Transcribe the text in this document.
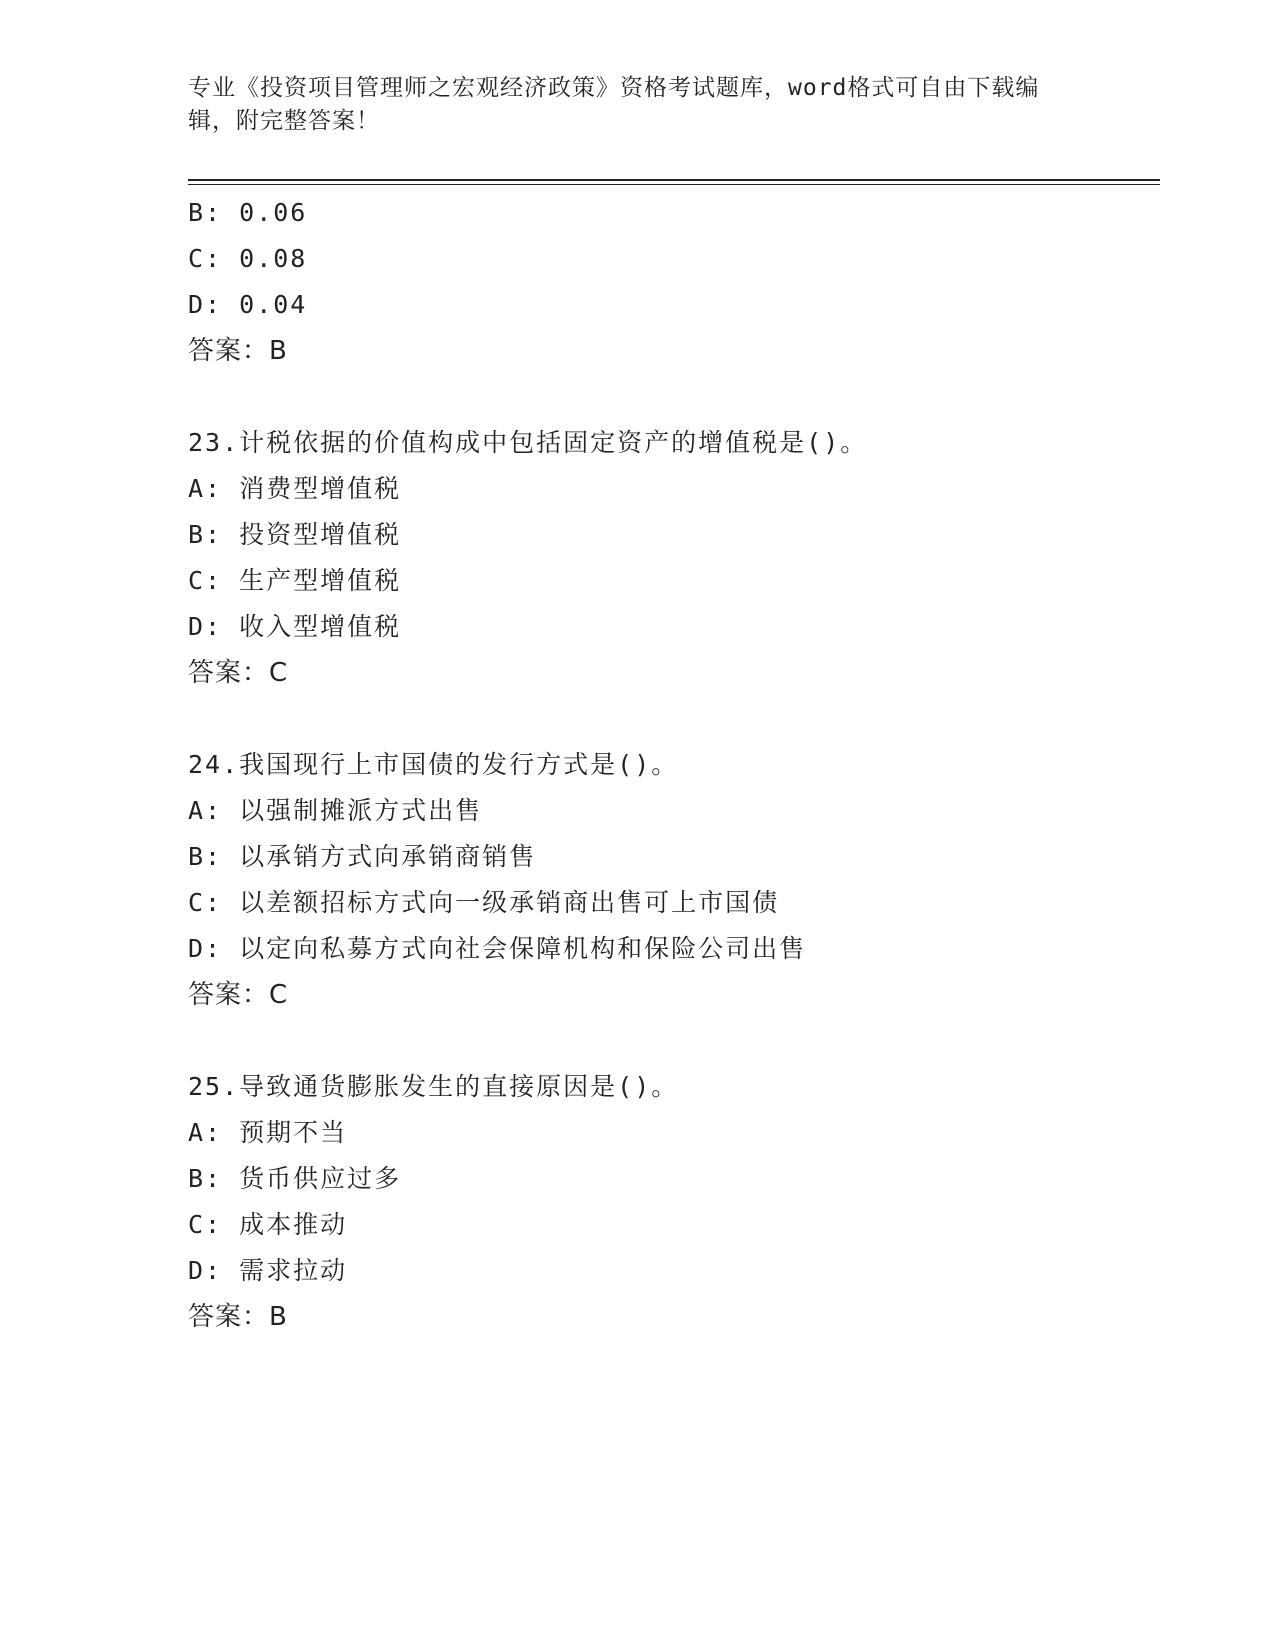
专业《投资项目管理师之宏观经济政策》资格考试题库，word格式可自由下载编辑，附完整答案！
B: 0.06
C: 0.08
D: 0.04
答案：B
23.计税依据的价值构成中包括固定资产的增值税是()。
A: 消费型增值税
B: 投资型增值税
C: 生产型增值税
D: 收入型增值税
答案：C
24.我国现行上市国债的发行方式是()。
A: 以强制摊派方式出售
B: 以承销方式向承销商销售
C: 以差额招标方式向一级承销商出售可上市国债
D: 以定向私募方式向社会保障机构和保险公司出售
答案：C
25.导致通货膨胀发生的直接原因是()。
A: 预期不当
B: 货币供应过多
C: 成本推动
D: 需求拉动
答案：B
